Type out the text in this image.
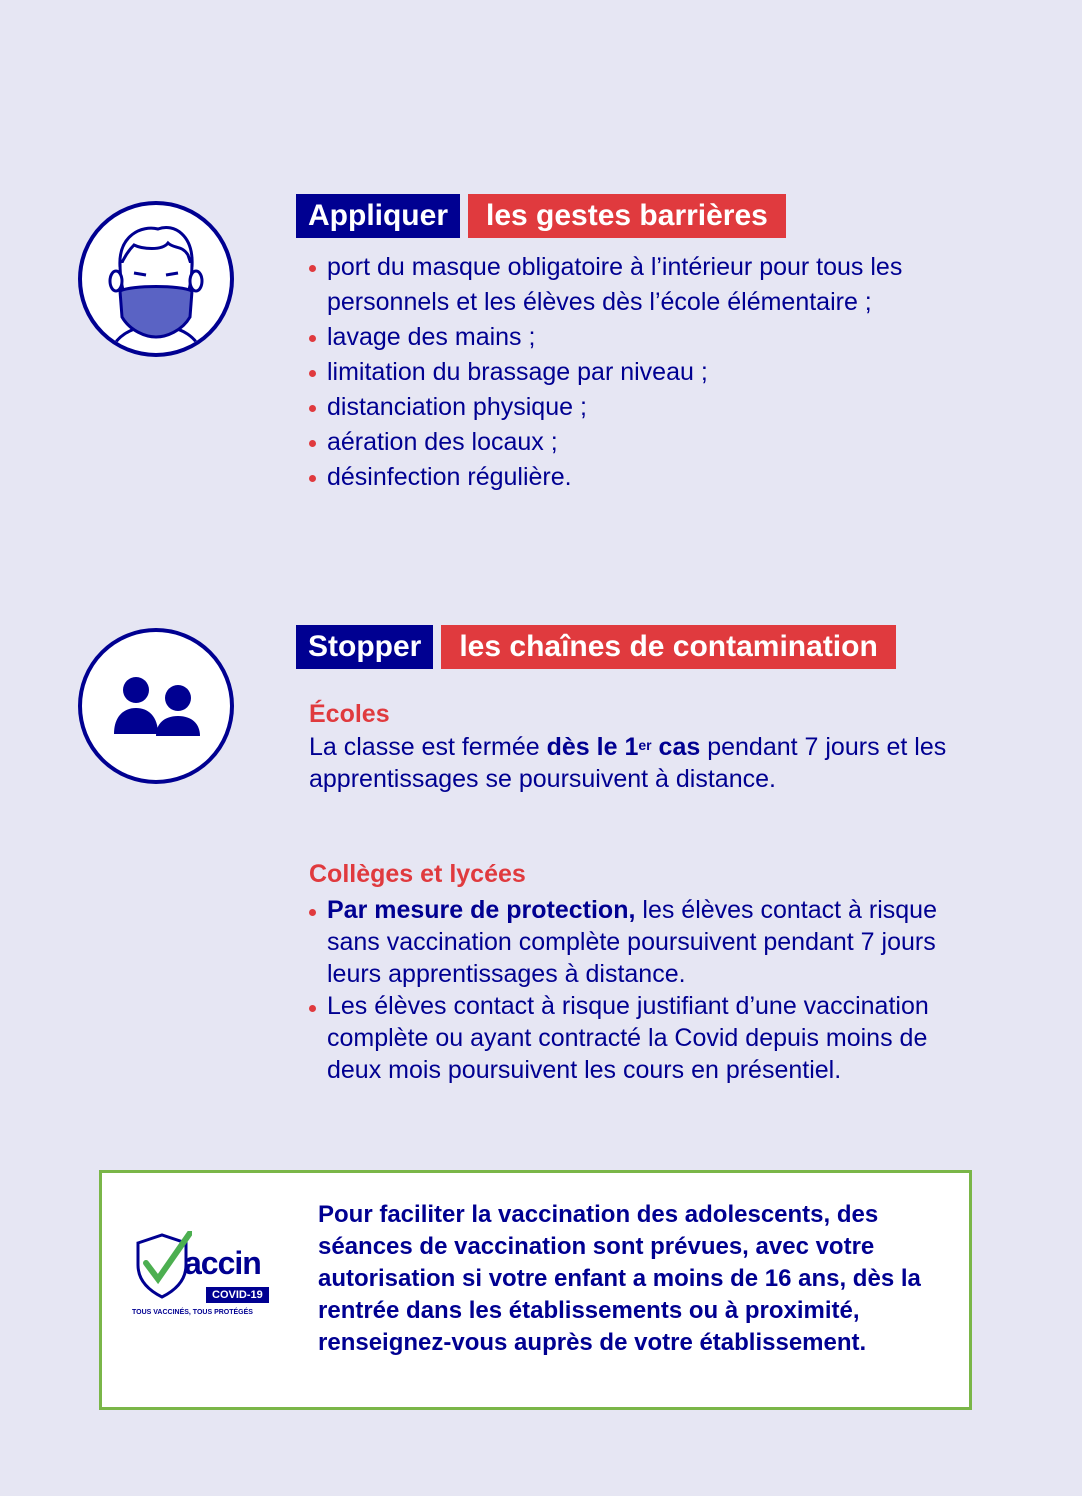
Appliquer	les gestes barrières
port du masque obligatoire à l’intérieur pour tous les personnels et les élèves dès l’école élémentaire ;
lavage des mains ;
limitation du brassage par niveau ;
distanciation physique ;
aération des locaux ;
désinfection régulière.
Stopper	les chaînes de contamination
Écoles
La classe est fermée dès le 1er cas pendant 7 jours et les apprentissages se poursuivent à distance.
Collèges et lycées
Par mesure de protection, les élèves contact à risque sans vaccination complète poursuivent pendant 7 jours leurs apprentissages à distance.
Les élèves contact à risque justifiant d’une vaccination complète ou ayant contracté la Covid depuis moins de deux mois poursuivent les cours en présentiel.
accin
COVID-19
TOUS VACCINÉS, TOUS PROTÉGÉS
Pour faciliter la vaccination des adolescents, des séances de vaccination sont prévues, avec votre autorisation si votre enfant a moins de 16 ans, dès la rentrée dans les établissements ou à proximité, renseignez-vous auprès de votre établissement.
